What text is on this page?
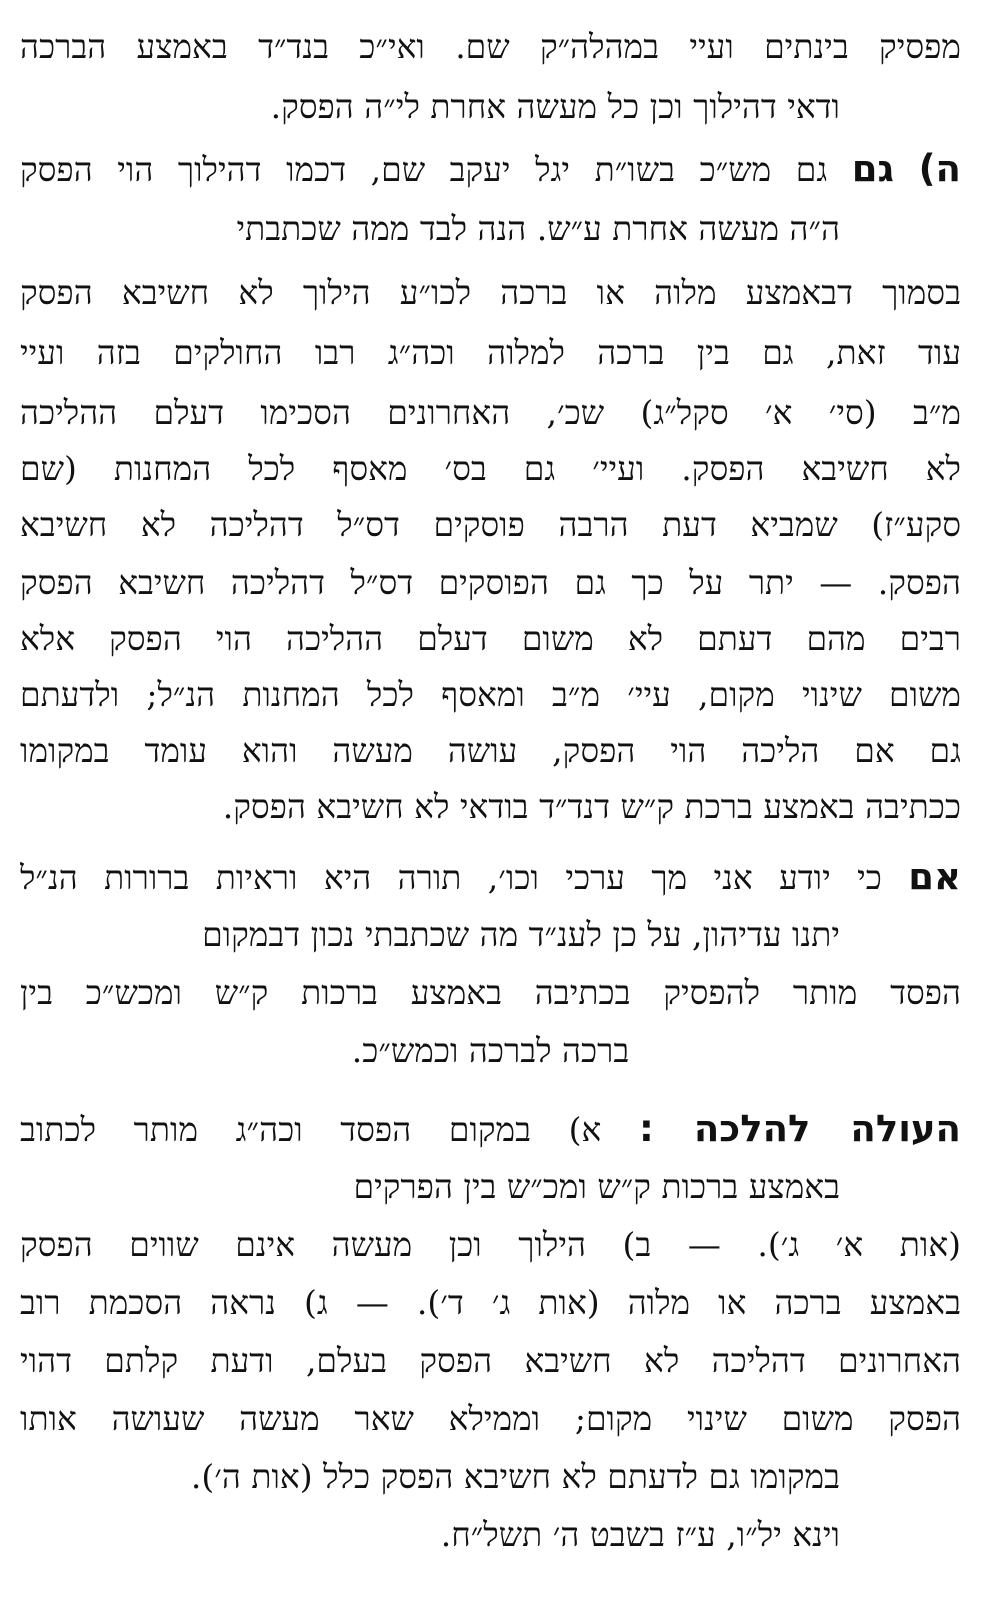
מפסיק בינתים ועיי במהלה״ק שם. ואי״כ בנד״ד באמצע הברכה
ודאי דהילוך וכן כל מעשה אחרת לי״ה הפסק.
ה) גם גם מש״כ בשו״ת יגל יעקב שם, דכמו דהילוך הוי הפסק
ה״ה מעשה אחרת ע״ש. הנה לבד ממה שכתבתי
בסמוך דבאמצע מלוה או ברכה לכו״ע הילוך לא חשיבא הפסק
עוד זאת, גם בין ברכה למלוה וכה״ג רבו החולקים בזה ועיי
מ״ב (סי׳ א׳ סקל״ג) שכ׳, האחרונים הסכימו דעלם ההליכה
לא חשיבא הפסק. ועיי׳ גם בס׳ מאסף לכל המחנות (שם
סקע״ז) שמביא דעת הרבה פוסקים דס״ל דהליכה לא חשיבא
הפסק. — יתר על כך גם הפוסקים דס״ל דהליכה חשיבא הפסק
רבים מהם דעתם לא משום דעלם ההליכה הוי הפסק אלא
משום שינוי מקום, עיי׳ מ״ב ומאסף לכל המחנות הנ״ל; ולדעתם
גם אם הליכה הוי הפסק, עושה מעשה והוא עומד במקומו
ככתיבה באמצע ברכת ק״ש דנד״ד בודאי לא חשיבא הפסק.
אם כי יודע אני מך ערכי וכו׳, תורה היא וראיות ברורות הנ״ל
יתנו עדיהון, על כן לענ״ד מה שכתבתי נכון דבמקום
הפסד מותר להפסיק בכתיבה באמצע ברכות ק״ש ומכש״כ בין
ברכה לברכה וכמש״כ.
העולה להלכה : א) במקום הפסד וכה״ג מותר לכתוב
באמצע ברכות ק״ש ומכ״ש בין הפרקים
(אות א׳ ג׳). — ב) הילוך וכן מעשה אינם שווים הפסק
באמצע ברכה או מלוה (אות ג׳ ד׳). — ג) נראה הסכמת רוב
האחרונים דהליכה לא חשיבא הפסק בעלם, ודעת קלתם דהוי
הפסק משום שינוי מקום; וממילא שאר מעשה שעושה אותו
במקומו גם לדעתם לא חשיבא הפסק כלל (אות ה׳).
וינא יל״ו, ע״ז בשבט ה׳ תשל״ח.
